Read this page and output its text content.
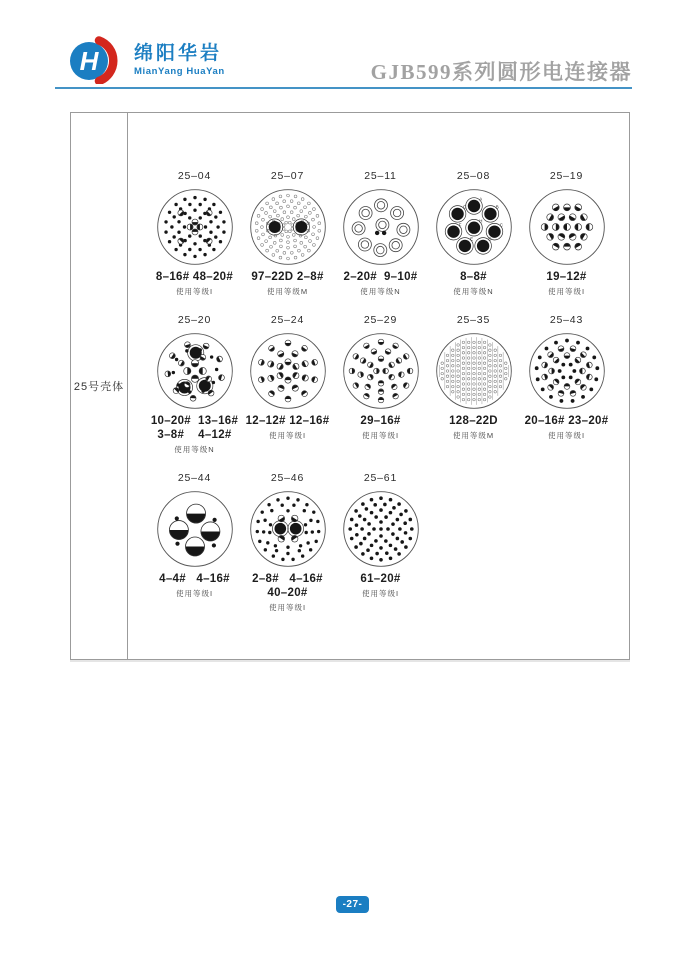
H 绵阳华岩
MianYang HuaYan	GJB599系列圆形电连接器
25号壳体
25–04
8–16# 48–20#
使用等级I
25–07
97–22D 2–8#
使用等级M
25–11
2–20#  9–10#
使用等级N
25–08
A
B
C
D
E
F
G
H
8–8#
使用等级N
25–19
19–12#
使用等级I
25–20
10–20#  13–16#
3–8#    4–12#
使用等级N
25–24
12–12# 12–16#
使用等级I
25–29
29–16#
使用等级I
25–35
128–22D
使用等级M
25–43
20–16# 23–20#
使用等级I
25–44
4–4#   4–16#
使用等级I
25–46
2–8#   4–16#
40–20#
使用等级I
25–61
61–20#
使用等级I
-27-
